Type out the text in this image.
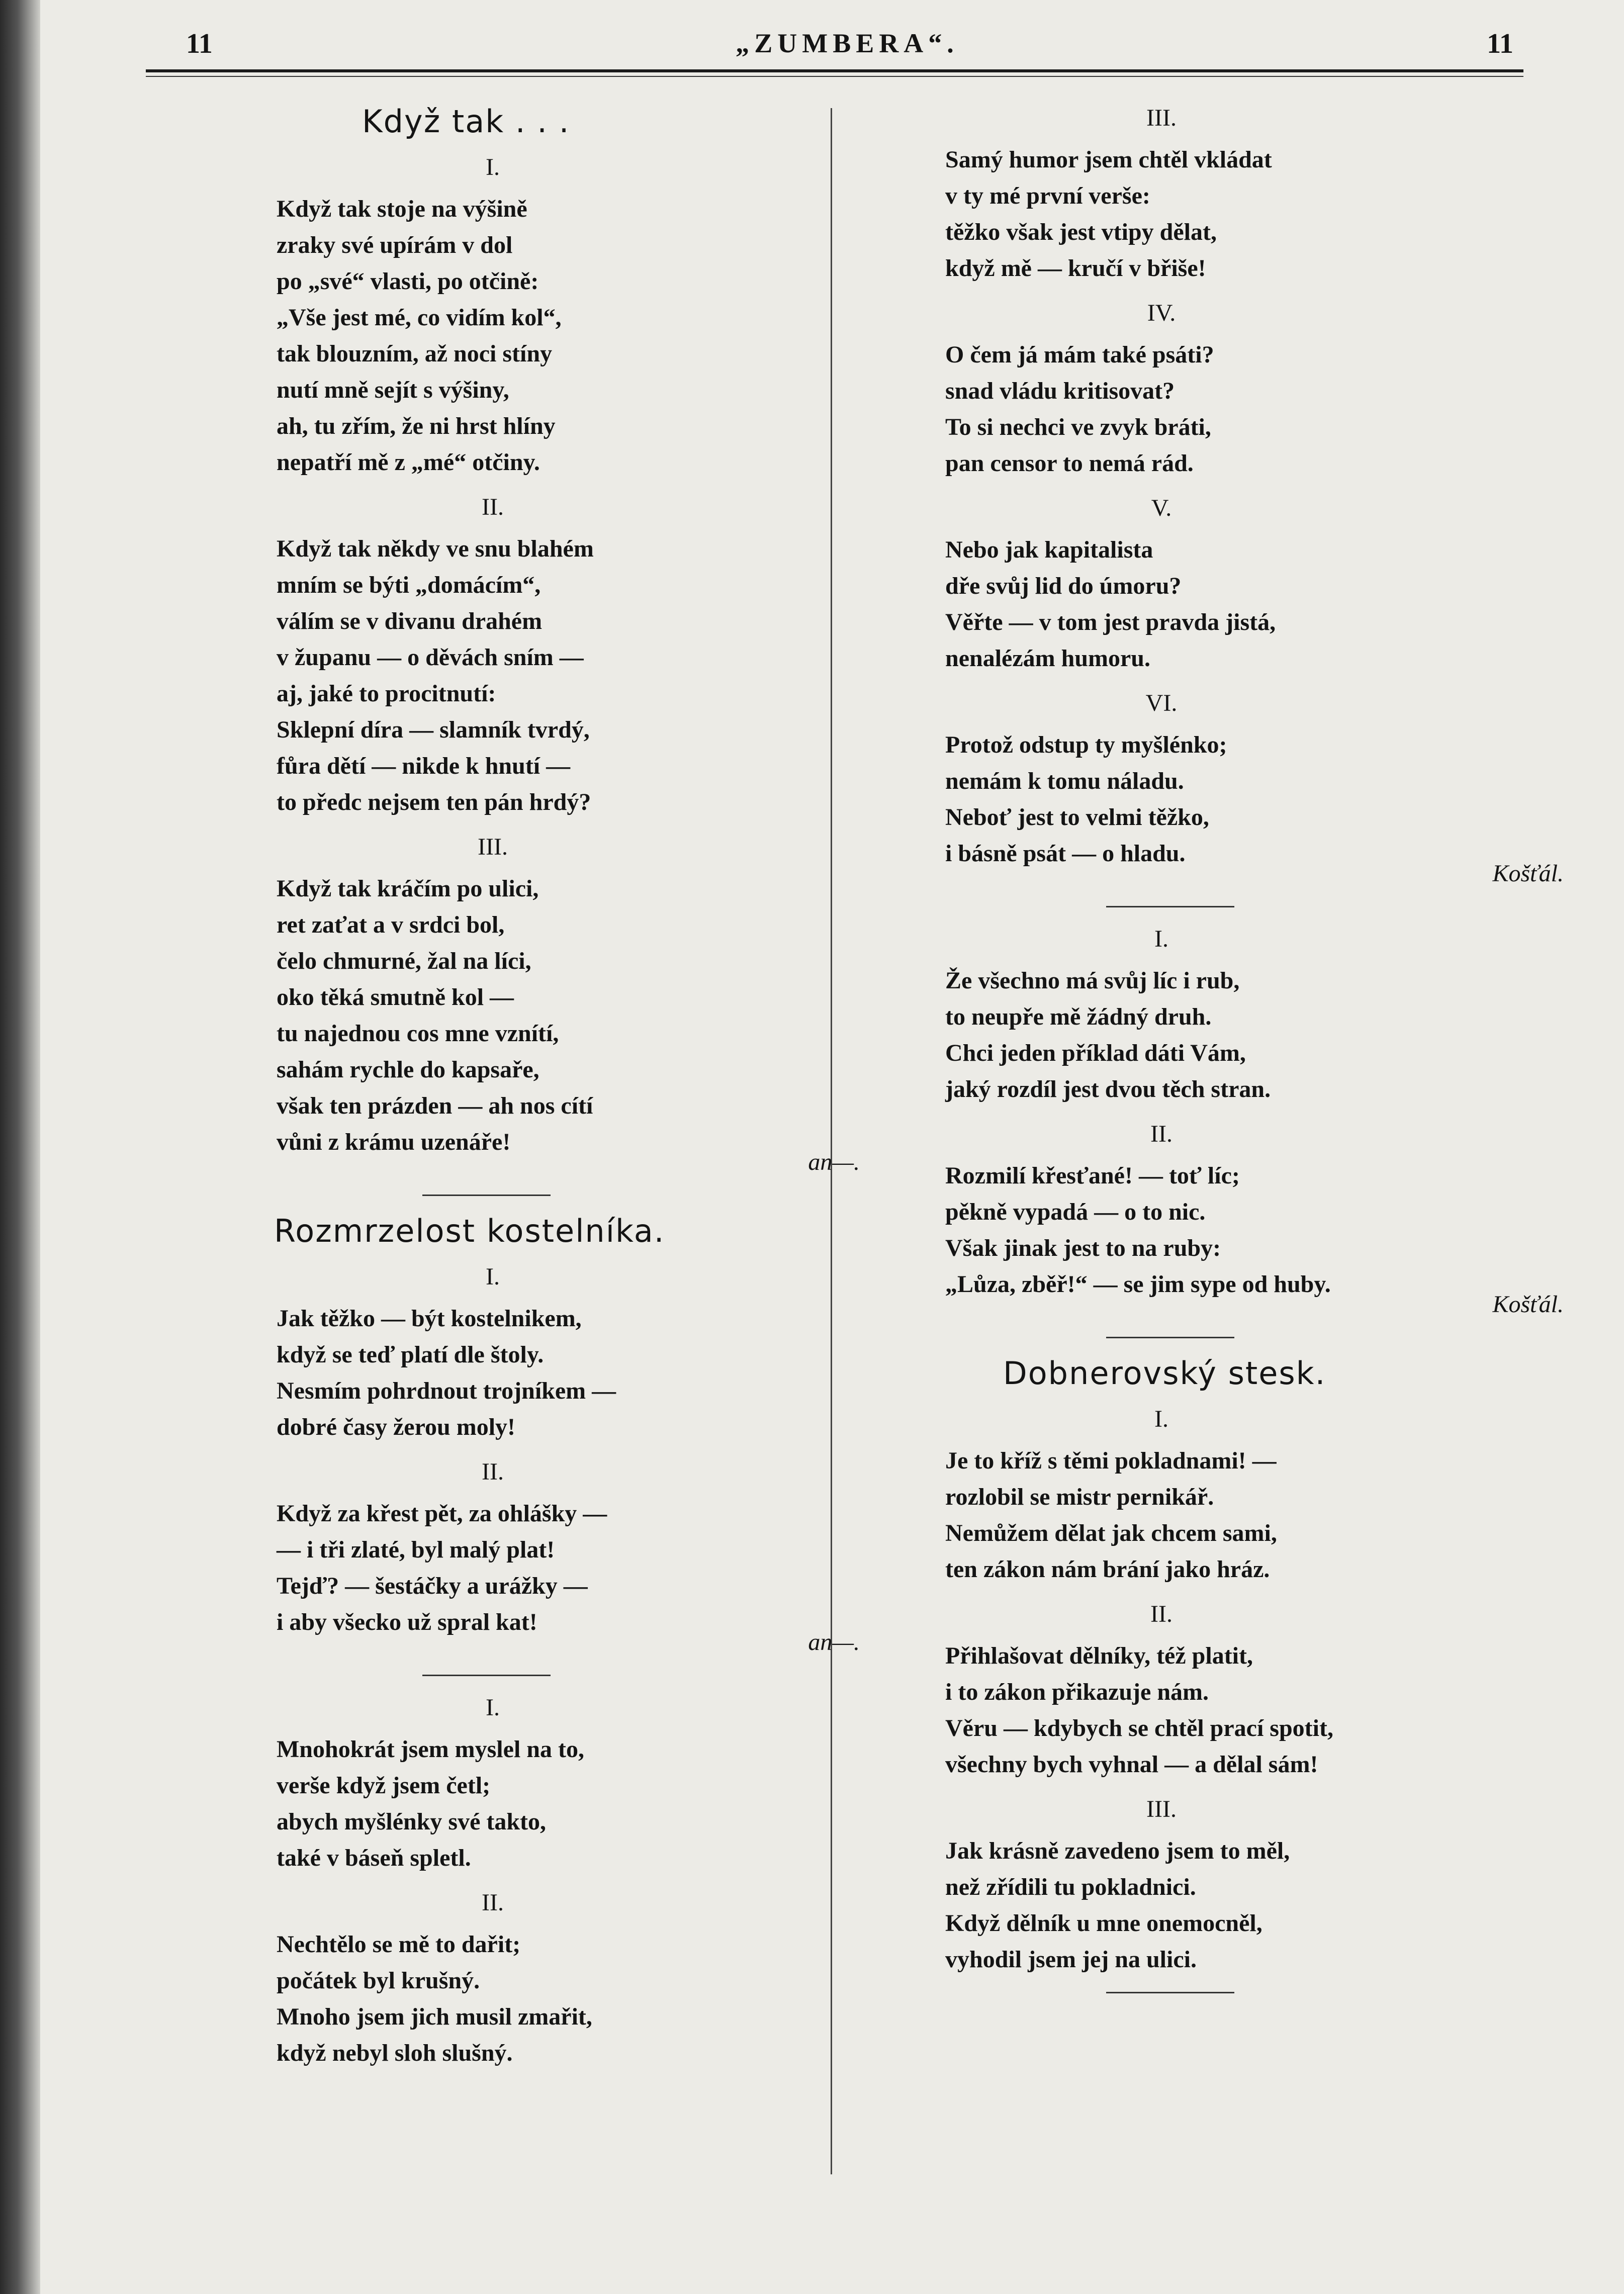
11	„ZUMBERA“.	11
Když tak . . .
I.
Když tak stoje na výšině
zraky své upírám v dol
po „své“ vlasti, po otčině:
„Vše jest mé, co vidím kol“,
tak blouzním, až noci stíny
nutí mně sejít s výšiny,
ah, tu zřím, že ni hrst hlíny
nepatří mě z „mé“ otčiny.
II.
Když tak někdy ve snu blahém
mním se býti „domácím“,
válím se v divanu drahém
v županu — o děvách sním —
aj, jaké to procitnutí:
Sklepní díra — slamník tvrdý,
fůra dětí — nikde k hnutí —
to předc nejsem ten pán hrdý?
III.
Když tak kráčím po ulici,
ret zaťat a v srdci bol,
čelo chmurné, žal na líci,
oko těká smutně kol —
tu najednou cos mne vznítí,
sahám rychle do kapsaře,
však ten prázden — ah nos cítí
vůni z krámu uzenáře!
an—.
Rozmrzelost kostelníka.
I.
Jak těžko — být kostelnikem,
když se teď platí dle štoly.
Nesmím pohrdnout trojníkem —
dobré časy žerou moly!
II.
Když za křest pět, za ohlášky —
— i tři zlaté, byl malý plat!
Tejď? — šestáčky a urážky —
i aby všecko už spral kat!
an—.
I.
Mnohokrát jsem myslel na to,
verše když jsem četl;
abych myšlénky své takto,
také v báseň spletl.
II.
Nechtělo se mě to dařit;
počátek byl krušný.
Mnoho jsem jich musil zmařit,
když nebyl sloh slušný.
III.
Samý humor jsem chtěl vkládat
v ty mé první verše:
těžko však jest vtipy dělat,
když mě — kručí v břiše!
IV.
O čem já mám také psáti?
snad vládu kritisovat?
To si nechci ve zvyk bráti,
pan censor to nemá rád.
V.
Nebo jak kapitalista
dře svůj lid do úmoru?
Věřte — v tom jest pravda jistá,
nenalézám humoru.
VI.
Protož odstup ty myšlénko;
nemám k tomu náladu.
Neboť jest to velmi těžko,
i básně psát — o hladu.
Košťál.
I.
Že všechno má svůj líc i rub,
to neupře mě žádný druh.
Chci jeden příklad dáti Vám,
jaký rozdíl jest dvou těch stran.
II.
Rozmilí křesťané! — toť líc;
pěkně vypadá — o to nic.
Však jinak jest to na ruby:
„Lůza, zběř!“ — se jim sype od huby.
Košťál.
Dobnerovský stesk.
I.
Je to kříž s těmi pokladnami! —
rozlobil se mistr pernikář.
Nemůžem dělat jak chcem sami,
ten zákon nám brání jako hráz.
II.
Přihlašovat dělníky, též platit,
i to zákon přikazuje nám.
Věru — kdybych se chtěl prací spotit,
všechny bych vyhnal — a dělal sám!
III.
Jak krásně zavedeno jsem to měl,
než zřídili tu pokladnici.
Když dělník u mne onemocněl,
vyhodil jsem jej na ulici.
